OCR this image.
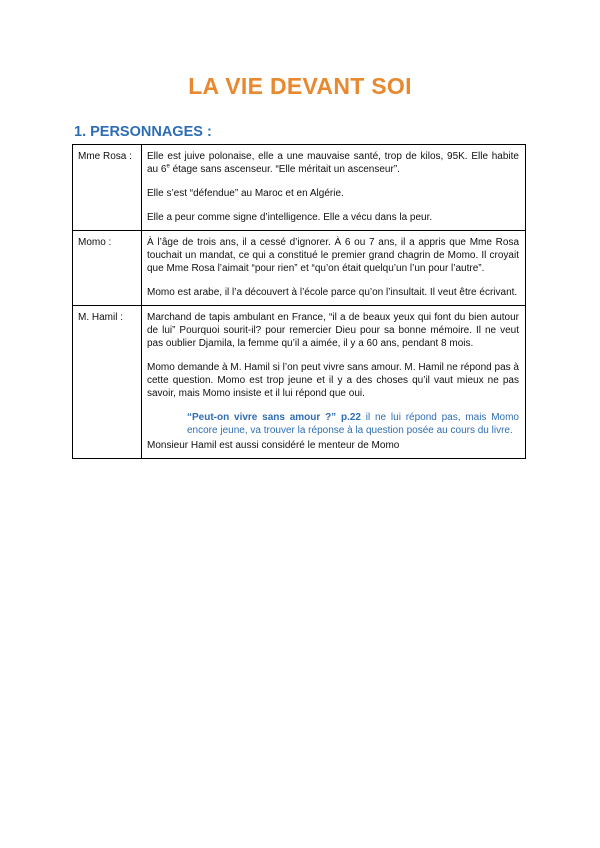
LA VIE DEVANT SOI
1. PERSONNAGES :
Mme Rosa :	Elle est juive polonaise, elle a une mauvaise santé, trop de kilos, 95K. Elle habite au 6e étage sans ascenseur. “Elle méritait un ascenseur”.

Elle s’est “défendue” au Maroc et en Algérie.

Elle a peur comme signe d’intelligence. Elle a vécu dans la peur.

Momo :	À l’âge de trois ans, il a cessé d’ignorer. À 6 ou 7 ans, il a appris que Mme Rosa touchait un mandat, ce qui a constitué le premier grand chagrin de Momo. Il croyait que Mme Rosa l’aimait “pour rien” et “qu’on était quelqu’un l’un pour l’autre”.

Momo est arabe, il l’a découvert à l’école parce qu’on l’insultait. Il veut être écrivant.

M. Hamil :	Marchand de tapis ambulant en France, “il a de beaux yeux qui font du bien autour de lui” Pourquoi sourit-il? pour remercier Dieu pour sa bonne mémoire. Il ne veut pas oublier Djamila, la femme qu’il a aimée, il y a 60 ans, pendant 8 mois.

Momo demande à M. Hamil si l’on peut vivre sans amour. M. Hamil ne répond pas à cette question. Momo est trop jeune et il y a des choses qu’il vaut mieux ne pas savoir, mais Momo insiste et il lui répond que oui.

“Peut-on vivre sans amour ?” p.22 il ne lui répond pas, mais Momo encore jeune, va trouver la réponse à la question posée au cours du livre.

Monsieur Hamil est aussi considéré le menteur de Momo
